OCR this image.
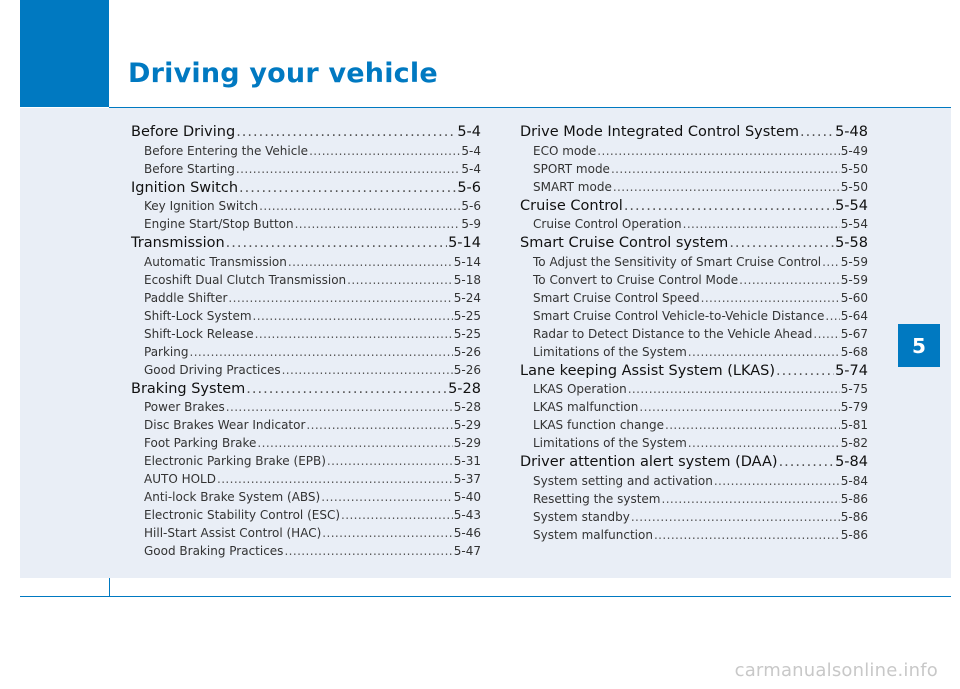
Driving your vehicle
5
Before Driving .....	5-4
Before Entering the Vehicle .....	5-4
Before Starting .....	5-4
Ignition Switch .....	5-6
Key Ignition Switch .....	5-6
Engine Start/Stop Button .....	5-9
Transmission .....	5-14
Automatic Transmission .....	5-14
Ecoshift Dual Clutch Transmission .....	5-18
Paddle Shifter .....	5-24
Shift-Lock System .....	5-25
Shift-Lock Release .....	5-25
Parking .....	5-26
Good Driving Practices .....	5-26
Braking System .....	5-28
Power Brakes .....	5-28
Disc Brakes Wear Indicator .....	5-29
Foot Parking Brake .....	5-29
Electronic Parking Brake (EPB) .....	5-31
AUTO HOLD .....	5-37
Anti-lock Brake System (ABS) .....	5-40
Electronic Stability Control (ESC) .....	5-43
Hill-Start Assist Control (HAC) .....	5-46
Good Braking Practices .....	5-47
Drive Mode Integrated Control System ..... 5-48
ECO mode .....	5-49
SPORT mode .....	5-50
SMART mode .....	5-50
Cruise Control .....	5-54
Cruise Control Operation .....	5-54
Smart Cruise Control system .....	5-58
To Adjust the Sensitivity of Smart Cruise Control ..... 5-59
To Convert to Cruise Control Mode .....	5-59
Smart Cruise Control Speed .....	5-60
Smart Cruise Control Vehicle-to-Vehicle Distance ..... 5-64
Radar to Detect Distance to the Vehicle Ahead ..... 5-67
Limitations of the System .....	5-68
Lane keeping Assist System (LKAS) .....	5-74
LKAS Operation .....	5-75
LKAS malfunction .....	5-79
LKAS function change .....	5-81
Limitations of the System .....	5-82
Driver attention alert system (DAA) .....	5-84
System setting and activation .....	5-84
Resetting the system .....	5-86
System standby .....	5-86
System malfunction .....	5-86
carmanualsonline.info
